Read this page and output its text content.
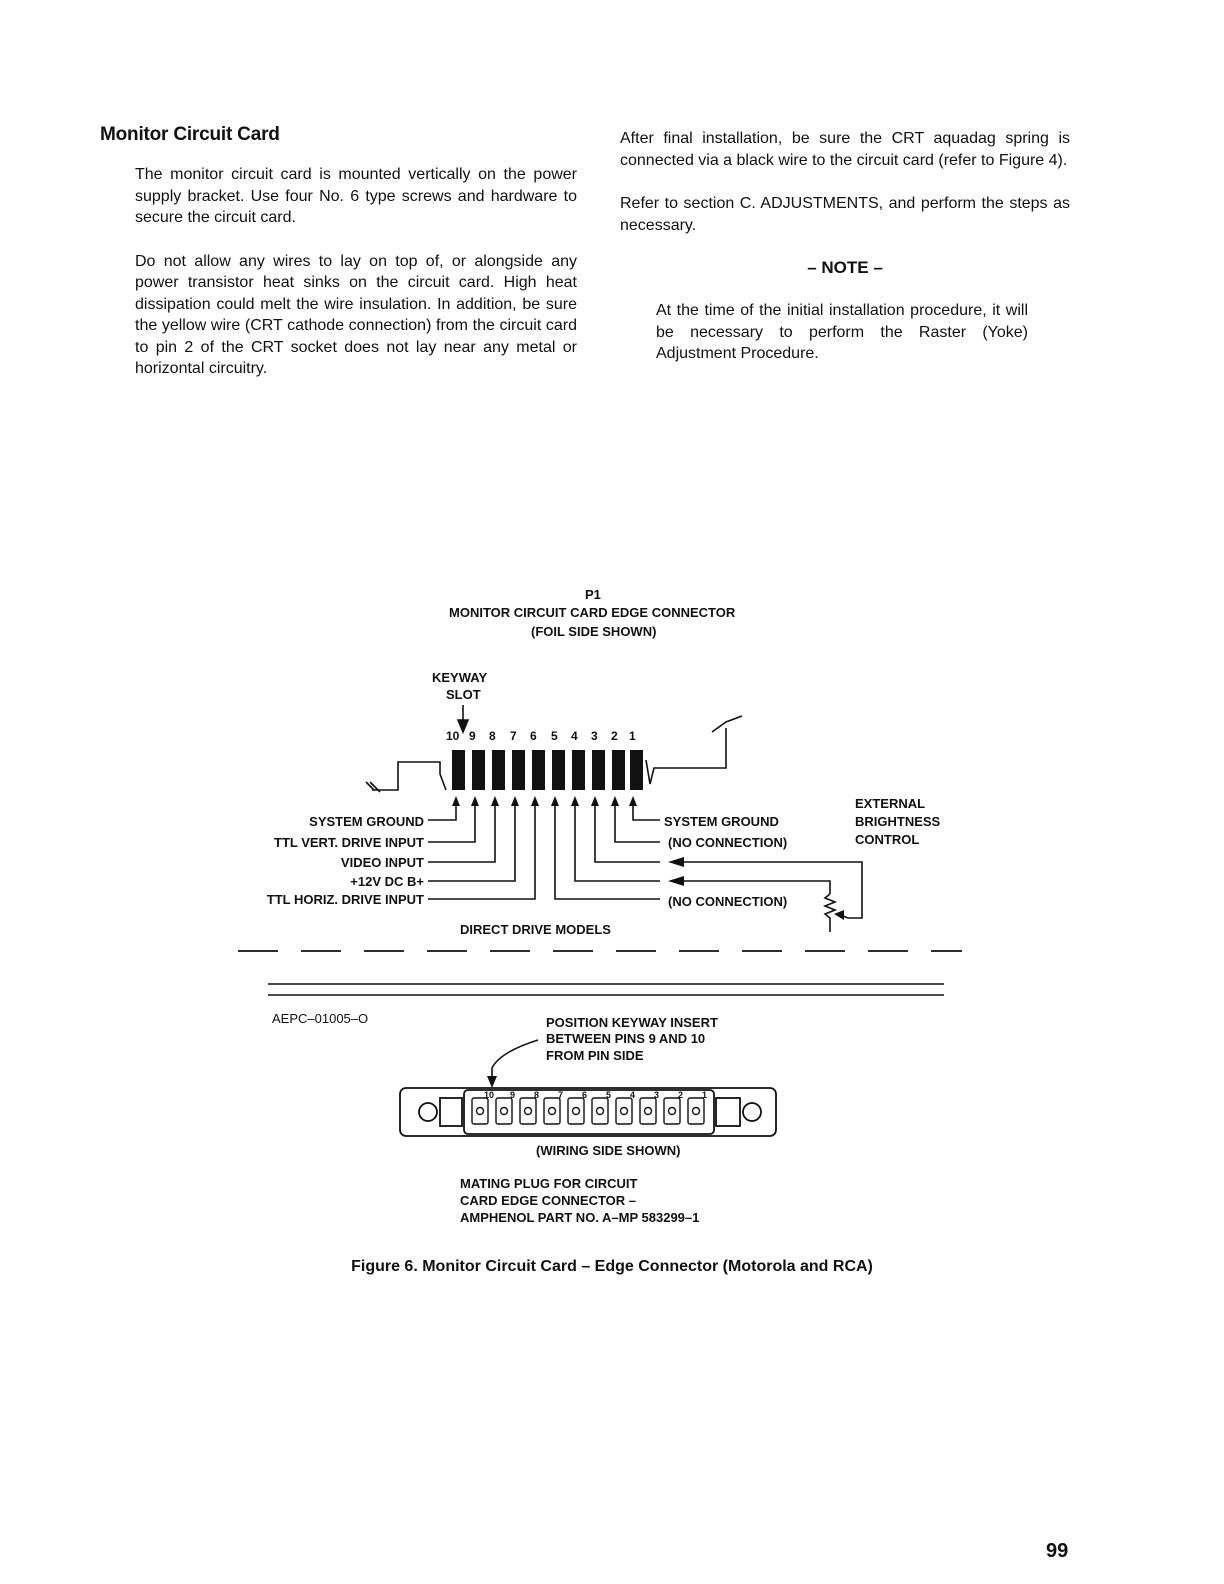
Monitor Circuit Card

The monitor circuit card is mounted vertically on the power supply bracket. Use four No. 6 type screws and hardware to secure the circuit card.

Do not allow any wires to lay on top of, or alongside any power transistor heat sinks on the circuit card. High heat dissipation could melt the wire insulation. In addition, be sure the yellow wire (CRT cathode connection) from the circuit card to pin 2 of the CRT socket does not lay near any metal or horizontal circuitry.

After final installation, be sure the CRT aquadag spring is connected via a black wire to the circuit card (refer to Figure 4).

Refer to section C. ADJUSTMENTS, and perform the steps as necessary.

– NOTE –

At the time of the initial installation procedure, it will be necessary to perform the Raster (Yoke) Adjustment Procedure.

P1
MONITOR CIRCUIT CARD EDGE CONNECTOR
(FOIL SIDE SHOWN)
KEYWAY
SLOT
10 9 8 7 6 5 4 3 2 1
SYSTEM GROUND
TTL VERT. DRIVE INPUT
VIDEO INPUT
+12V DC B+
TTL HORIZ. DRIVE INPUT
SYSTEM GROUND
(NO CONNECTION)
(NO CONNECTION)
EXTERNAL
BRIGHTNESS
CONTROL
DIRECT DRIVE MODELS
AEPC–01005–O	POSITION KEYWAY INSERT
BETWEEN PINS 9 AND 10
FROM PIN SIDE
10 9 8 7 6 5 4 3 2 1
(WIRING SIDE SHOWN)
MATING PLUG FOR CIRCUIT
CARD EDGE CONNECTOR –
AMPHENOL PART NO. A–MP 583299–1
Figure 6. Monitor Circuit Card – Edge Connector (Motorola and RCA)
99
